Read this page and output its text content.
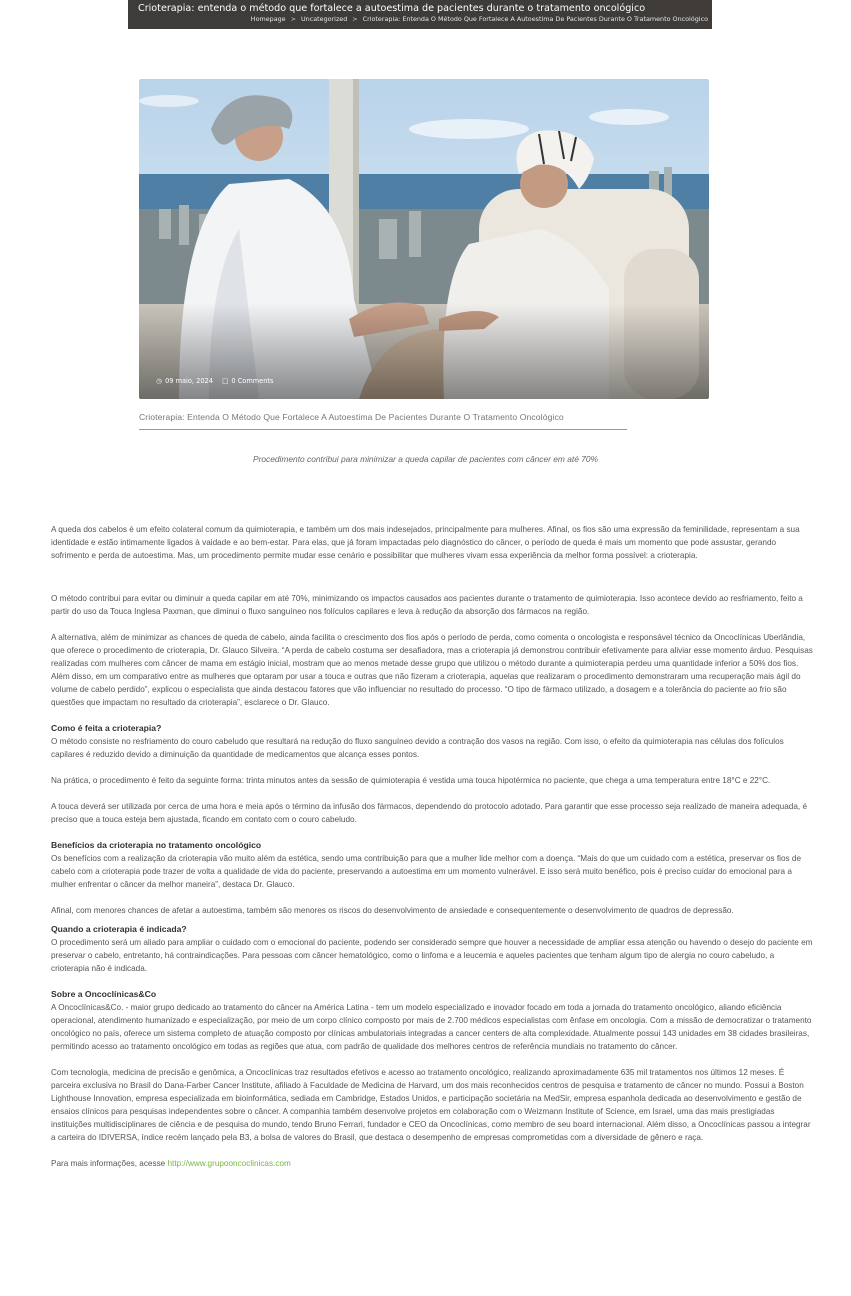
Crioterapia: entenda o método que fortalece a autoestima de pacientes durante o tratamento oncológico
Homepage > Uncategorized > Crioterapia: Entenda O Método Que Fortalece A Autoestima De Pacientes Durante O Tratamento Oncológico
◷ 09 maio, 2024 □ 0 Comments
Crioterapia: Entenda O Método Que Fortalece A Autoestima De Pacientes Durante O Tratamento Oncológico
Procedimento contribui para minimizar a queda capilar de pacientes com câncer em até 70%

A queda dos cabelos é um efeito colateral comum da quimioterapia, e também um dos mais indesejados, principalmente para mulheres. Afinal, os fios são uma expressão da feminilidade, representam a sua identidade e estão intimamente ligados à vaidade e ao bem-estar. Para elas, que já foram impactadas pelo diagnóstico do câncer, o período de queda é mais um momento que pode assustar, gerando sofrimento e perda de autoestima. Mas, um procedimento permite mudar esse cenário e possibilitar que mulheres vivam essa experiência da melhor forma possível: a crioterapia.

O método contribui para evitar ou diminuir a queda capilar em até 70%, minimizando os impactos causados aos pacientes durante o tratamento de quimioterapia. Isso acontece devido ao resfriamento, feito a partir do uso da Touca Inglesa Paxman, que diminui o fluxo sanguíneo nos folículos capilares e leva à redução da absorção dos fármacos na região.

A alternativa, além de minimizar as chances de queda de cabelo, ainda facilita o crescimento dos fios após o período de perda, como comenta o oncologista e responsável técnico da Oncoclínicas Uberlândia, que oferece o procedimento de crioterapia, Dr. Glauco Silveira. “A perda de cabelo costuma ser desafiadora, mas a crioterapia já demonstrou contribuir efetivamente para aliviar esse momento árduo. Pesquisas realizadas com mulheres com câncer de mama em estágio inicial, mostram que ao menos metade desse grupo que utilizou o método durante a quimioterapia perdeu uma quantidade inferior a 50% dos fios. Além disso, em um comparativo entre as mulheres que optaram por usar a touca e outras que não fizeram a crioterapia, aquelas que realizaram o procedimento demonstraram uma recuperação mais ágil do volume de cabelo perdido”, explicou o especialista que ainda destacou fatores que vão influenciar no resultado do processo. “O tipo de fármaco utilizado, a dosagem e a tolerância do paciente ao frio são questões que impactam no resultado da crioterapia”, esclarece o Dr. Glauco.

Como é feita a crioterapia?

O método consiste no resfriamento do couro cabeludo que resultará na redução do fluxo sanguíneo devido a contração dos vasos na região. Com isso, o efeito da quimioterapia nas células dos folículos capilares é reduzido devido a diminuição da quantidade de medicamentos que alcança esses pontos.

Na prática, o procedimento é feito da seguinte forma: trinta minutos antes da sessão de quimioterapia é vestida uma touca hipotérmica no paciente, que chega a uma temperatura entre 18°C e 22°C.

A touca deverá ser utilizada por cerca de uma hora e meia após o término da infusão dos fármacos, dependendo do protocolo adotado. Para garantir que esse processo seja realizado de maneira adequada, é preciso que a touca esteja bem ajustada, ficando em contato com o couro cabeludo.

Benefícios da crioterapia no tratamento oncológico

Os benefícios com a realização da crioterapia vão muito além da estética, sendo uma contribuição para que a mulher lide melhor com a doença. “Mais do que um cuidado com a estética, preservar os fios de cabelo com a crioterapia pode trazer de volta a qualidade de vida do paciente, preservando a autoestima em um momento vulnerável. E isso será muito benéfico, pois é preciso cuidar do emocional para a mulher enfrentar o câncer da melhor maneira”, destaca Dr. Glauco.

Afinal, com menores chances de afetar a autoestima, também são menores os riscos do desenvolvimento de ansiedade e consequentemente o desenvolvimento de quadros de depressão.

Quando a crioterapia é indicada?

O procedimento será um aliado para ampliar o cuidado com o emocional do paciente, podendo ser considerado sempre que houver a necessidade de ampliar essa atenção ou havendo o desejo do paciente em preservar o cabelo, entretanto, há contraindicações. Para pessoas com câncer hematológico, como o linfoma e a leucemia e aqueles pacientes que tenham algum tipo de alergia no couro cabeludo, a crioterapia não é indicada.

Sobre a Oncoclínicas&Co

A Oncoclínicas&Co. - maior grupo dedicado ao tratamento do câncer na América Latina - tem um modelo especializado e inovador focado em toda a jornada do tratamento oncológico, aliando eficiência operacional, atendimento humanizado e especialização, por meio de um corpo clínico composto por mais de 2.700 médicos especialistas com ênfase em oncologia. Com a missão de democratizar o tratamento oncológico no país, oferece um sistema completo de atuação composto por clínicas ambulatoriais integradas a cancer centers de alta complexidade. Atualmente possui 143 unidades em 38 cidades brasileiras, permitindo acesso ao tratamento oncológico em todas as regiões que atua, com padrão de qualidade dos melhores centros de referência mundiais no tratamento do câncer.

Com tecnologia, medicina de precisão e genômica, a Oncoclínicas traz resultados efetivos e acesso ao tratamento oncológico, realizando aproximadamente 635 mil tratamentos nos últimos 12 meses. É parceira exclusiva no Brasil do Dana-Farber Cancer Institute, afiliado à Faculdade de Medicina de Harvard, um dos mais reconhecidos centros de pesquisa e tratamento de câncer no mundo. Possui a Boston Lighthouse Innovation, empresa especializada em bioinformática, sediada em Cambridge, Estados Unidos, e participação societária na MedSir, empresa espanhola dedicada ao desenvolvimento e gestão de ensaios clínicos para pesquisas independentes sobre o câncer. A companhia também desenvolve projetos em colaboração com o Weizmann Institute of Science, em Israel, uma das mais prestigiadas instituições multidisciplinares de ciência e de pesquisa do mundo, tendo Bruno Ferrari, fundador e CEO da Oncoclínicas, como membro de seu board internacional. Além disso, a Oncoclínicas passou a integrar a carteira do IDIVERSA, índice recém lançado pela B3, a bolsa de valores do Brasil, que destaca o desempenho de empresas comprometidas com a diversidade de gênero e raça.

Para mais informações, acesse http://www.grupooncoclinicas.com
